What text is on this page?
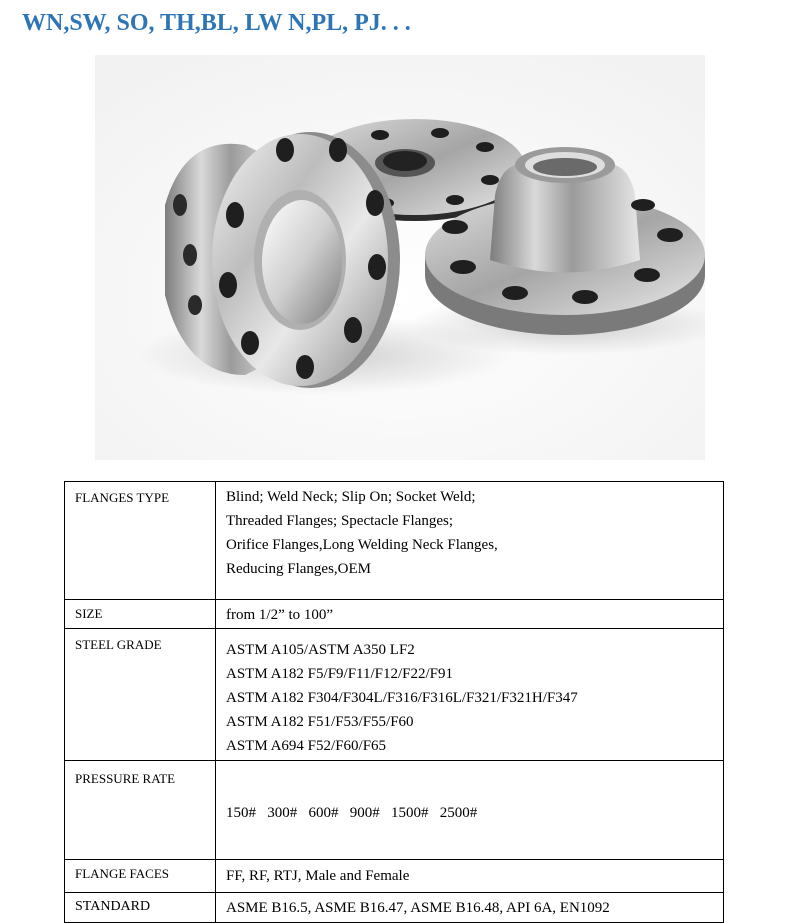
WN,SW, SO, TH,BL, LW N,PL, PJ. . .
FLANGES TYPE	Blind; Weld Neck; Slip On; Socket Weld;
Threaded Flanges; Spectacle Flanges;
Orifice Flanges,Long Welding Neck Flanges,
Reducing Flanges,OEM

SIZE	from 1/2” to 100”

STEEL GRADE	ASTM A105/ASTM A350 LF2
ASTM A182 F5/F9/F11/F12/F22/F91
ASTM A182 F304/F304L/F316/F316L/F321/F321H/F347
ASTM A182 F51/F53/F55/F60
ASTM A694 F52/F60/F65

PRESSURE RATE	150#   300#   600#   900#   1500#   2500#

FLANGE FACES	FF, RF, RTJ, Male and Female

STANDARD	ASME B16.5, ASME B16.47, ASME B16.48, API 6A, EN1092
